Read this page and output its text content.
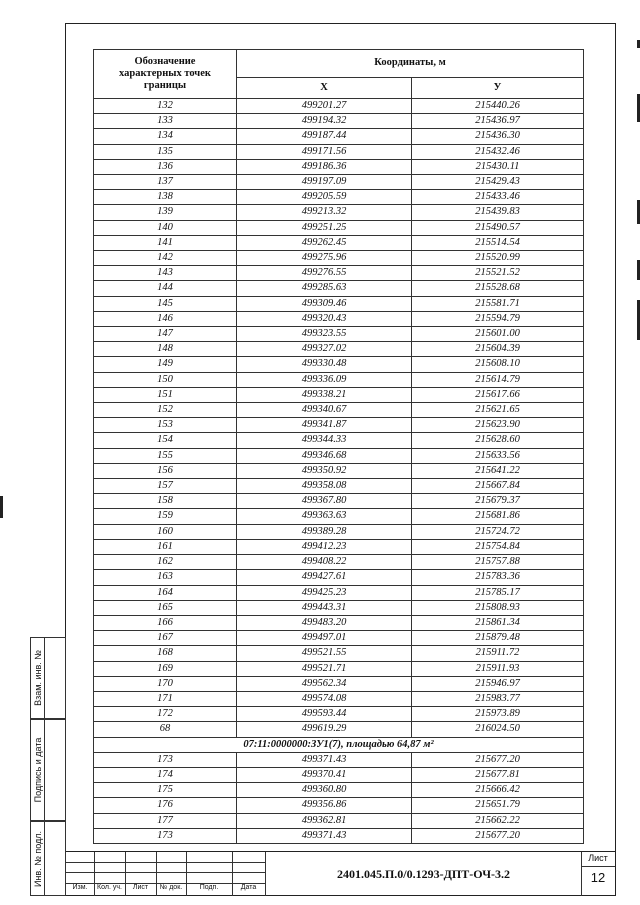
Обозначение характерных точек границы	Координаты, м	
	X	У
132	499201.27	215440.26
133	499194.32	215436.97
134	499187.44	215436.30
135	499171.56	215432.46
136	499186.36	215430.11
137	499197.09	215429.43
138	499205.59	215433.46
139	499213.32	215439.83
140	499251.25	215490.57
141	499262.45	215514.54
142	499275.96	215520.99
143	499276.55	215521.52
144	499285.63	215528.68
145	499309.46	215581.71
146	499320.43	215594.79
147	499323.55	215601.00
148	499327.02	215604.39
149	499330.48	215608.10
150	499336.09	215614.79
151	499338.21	215617.66
152	499340.67	215621.65
153	499341.87	215623.90
154	499344.33	215628.60
155	499346.68	215633.56
156	499350.92	215641.22
157	499358.08	215667.84
158	499367.80	215679.37
159	499363.63	215681.86
160	499389.28	215724.72
161	499412.23	215754.84
162	499408.22	215757.88
163	499427.61	215783.36
164	499425.23	215785.17
165	499443.31	215808.93
166	499483.20	215861.34
167	499497.01	215879.48
168	499521.55	215911.72
169	499521.71	215911.93
170	499562.34	215946.97
171	499574.08	215983.77
172	499593.44	215973.89
68	499619.29	216024.50
07:11:0000000:ЗУ1(7), площадью 64,87 м²		
173	499371.43	215677.20
174	499370.41	215677.81
175	499360.80	215666.42
176	499356.86	215651.79
177	499362.81	215662.22
173	499371.43	215677.20
Взам. инв. №
Подпись и дата
Инв. № подл.
Изм.	Кол. уч.	Лист	№ док.	Подп.	Дата
2401.045.П.0/0.1293-ДПТ-ОЧ-3.2
Лист
12
